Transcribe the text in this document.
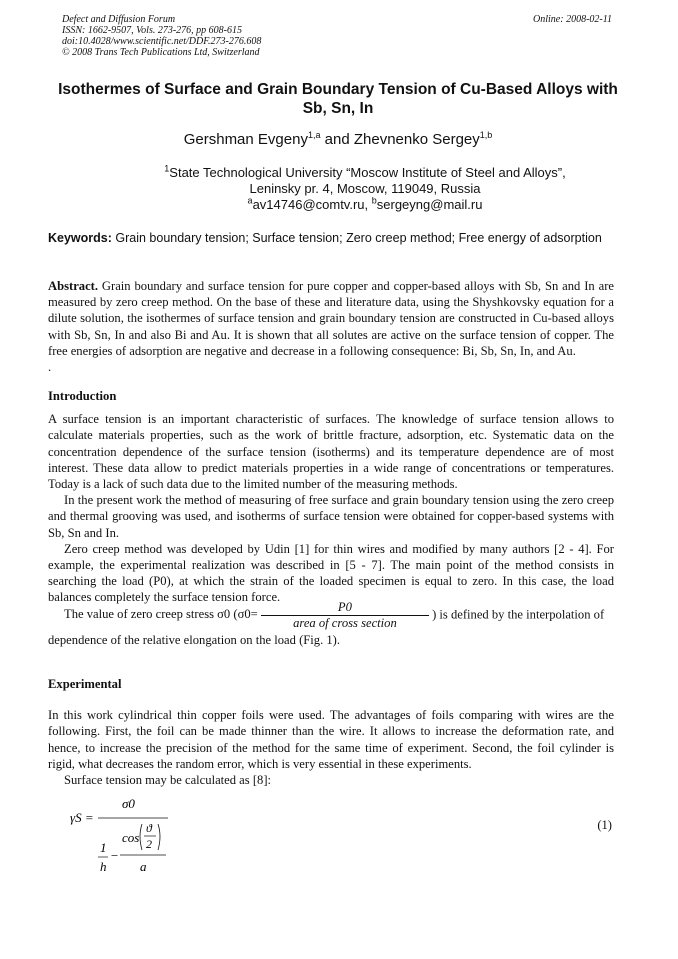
Defect and Diffusion Forum
ISSN: 1662-9507, Vols. 273-276, pp 608-615
doi:10.4028/www.scientific.net/DDF.273-276.608
© 2008 Trans Tech Publications Ltd, Switzerland
Online: 2008-02-11
Isothermes of Surface and Grain Boundary Tension of Cu-Based Alloys with Sb, Sn, In
Gershman Evgeny$^{1,a}$ and Zhevnenko Sergey$^{1,b}$
$^1$State Technological University “Moscow Institute of Steel and Alloys”,
Leninsky pr. 4, Moscow, 119049, Russia
$^a$av14746@comtv.ru, $^b$sergeyng@mail.ru
Keywords: Grain boundary tension; Surface tension; Zero creep method; Free energy of adsorption

Abstract. Grain boundary and surface tension for pure copper and copper-based alloys with Sb, Sn and In are measured by zero creep method. On the base of these and literature data, using the Shyshkovsky equation for a dilute solution, the isothermes of surface tension and grain boundary tension are constructed in Cu-based alloys with Sb, Sn, In and also Bi and Au. It is shown that all solutes are active on the surface tension of copper. The free energies of adsorption are negative and decrease in a following consequence: Bi, Sb, Sn, In, and Au.

.
Introduction

A surface tension is an important characteristic of surfaces. The knowledge of surface tension allows to calculate materials properties, such as the work of brittle fracture, adsorption, etc. Systematic data on the concentration dependence of the surface tension (isotherms) and its temperature dependence are of most interest. These data allow to predict materials properties in a wide range of concentrations or temperatures. Today is a lack of such data due to the limited number of the measuring methods.

In the present work the method of measuring of free surface and grain boundary tension using the zero creep and thermal grooving was used, and isotherms of surface tension were obtained for copper-based systems with Sb, Sn and In.

Zero creep method was developed by Udin [1] for thin wires and modified by many authors [2 - 4]. For example, the experimental realization was described in [5 - 7]. The main point of the method consists in searching the load (P0), at which the strain of the loaded specimen is equal to zero. In this case, the load balances completely the surface tension force.

The value of zero creep stress σ0 ($\sigma 0= \frac{P0}{\text{area of cross section}}$ ) is defined by the interpolation of
dependence of the relative elongation on the load (Fig. 1).
Experimental

In this work cylindrical thin copper foils were used. The advantages of foils comparing with wires are the following. First, the foil can be made thinner than the wire. It allows to increase the deformation rate, and hence, to increase the precision of the method for the same time of experiment. Second, the foil cylinder is rigid, what decreases the random error, which is very essential in these experiments.

Surface tension may be calculated as [8]:

γS =
σ0
cos
ϑ
2
1
h
−
a
(1)
